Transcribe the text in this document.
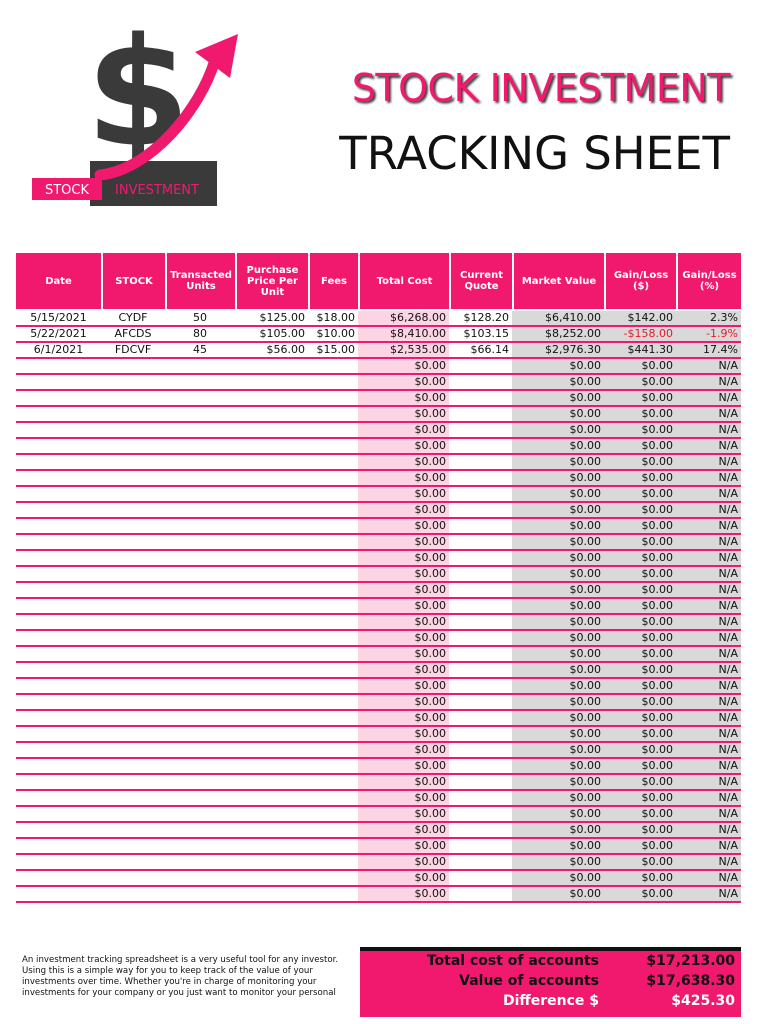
$
STOCK INVESTMENT
STOCK INVESTMENT
TRACKING SHEET
Date	STOCK	Transacted Units	Purchase Price Per Unit	Fees	Total Cost	Current Quote	Market Value	Gain/Loss ($)	Gain/Loss (%)
5/15/2021	CYDF	50	$125.00	$18.00	$6,268.00	$128.20	$6,410.00	$142.00	2.3%
5/22/2021	AFCDS	80	$105.00	$10.00	$8,410.00	$103.15	$8,252.00	-$158.00	-1.9%
6/1/2021	FDCVF	45	$56.00	$15.00	$2,535.00	$66.14	$2,976.30	$441.30	17.4%
					$0.00		$0.00	$0.00	N/A
					$0.00		$0.00	$0.00	N/A
					$0.00		$0.00	$0.00	N/A
					$0.00		$0.00	$0.00	N/A
					$0.00		$0.00	$0.00	N/A
					$0.00		$0.00	$0.00	N/A
					$0.00		$0.00	$0.00	N/A
					$0.00		$0.00	$0.00	N/A
					$0.00		$0.00	$0.00	N/A
					$0.00		$0.00	$0.00	N/A
					$0.00		$0.00	$0.00	N/A
					$0.00		$0.00	$0.00	N/A
					$0.00		$0.00	$0.00	N/A
					$0.00		$0.00	$0.00	N/A
					$0.00		$0.00	$0.00	N/A
					$0.00		$0.00	$0.00	N/A
					$0.00		$0.00	$0.00	N/A
					$0.00		$0.00	$0.00	N/A
					$0.00		$0.00	$0.00	N/A
					$0.00		$0.00	$0.00	N/A
					$0.00		$0.00	$0.00	N/A
					$0.00		$0.00	$0.00	N/A
					$0.00		$0.00	$0.00	N/A
					$0.00		$0.00	$0.00	N/A
					$0.00		$0.00	$0.00	N/A
					$0.00		$0.00	$0.00	N/A
					$0.00		$0.00	$0.00	N/A
					$0.00		$0.00	$0.00	N/A
					$0.00		$0.00	$0.00	N/A
					$0.00		$0.00	$0.00	N/A
					$0.00		$0.00	$0.00	N/A
					$0.00		$0.00	$0.00	N/A
					$0.00		$0.00	$0.00	N/A
					$0.00		$0.00	$0.00	N/A
An investment tracking spreadsheet is a very useful tool for any investor. Using this is a simple way for you to keep track of the value of your investments over time. Whether you're in charge of monitoring your investments for your company or you just want to monitor your personal
Total cost of accounts	$17,213.00
Value of accounts	$17,638.30
Difference $	$425.30
